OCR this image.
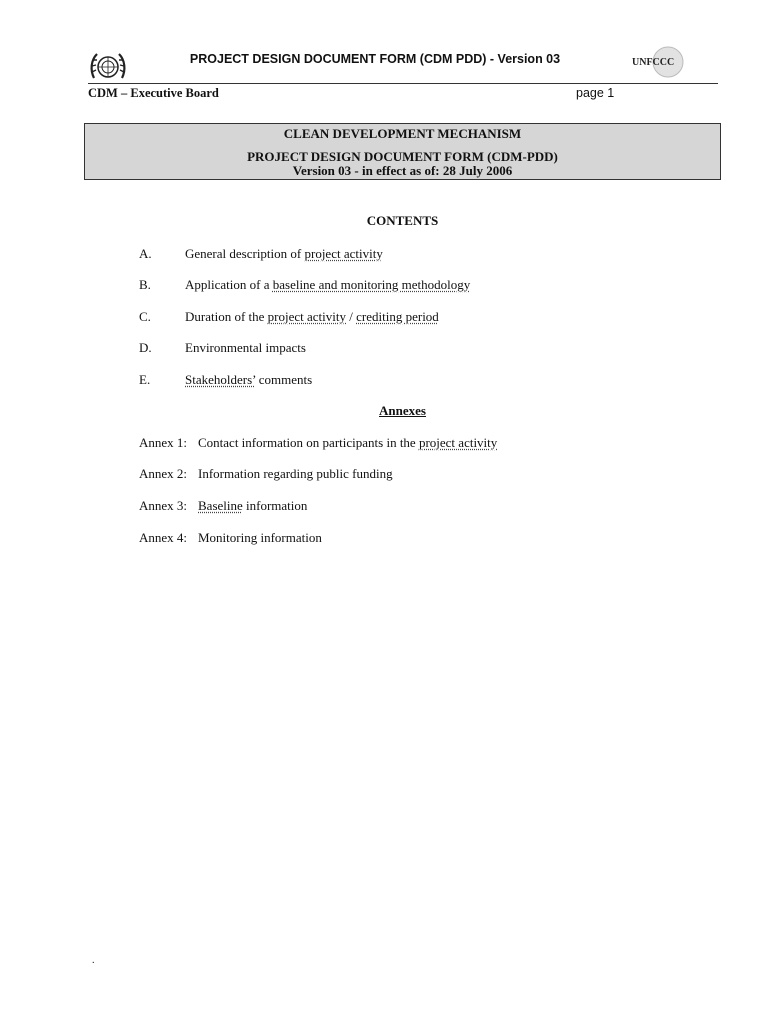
PROJECT DESIGN DOCUMENT FORM (CDM PDD) - Version 03	UNFCCC
CDM – Executive Board	page 1
CLEAN DEVELOPMENT MECHANISM
PROJECT DESIGN DOCUMENT FORM (CDM-PDD)
Version 03 - in effect as of: 28 July 2006
CONTENTS
A.	General description of project activity
B.	Application of a baseline and monitoring methodology
C.	Duration of the project activity / crediting period
D.	Environmental impacts
E.	Stakeholders’ comments
Annexes
Annex 1: Contact information on participants in the project activity
Annex 2: Information regarding public funding
Annex 3: Baseline information
Annex 4: Monitoring information
.
